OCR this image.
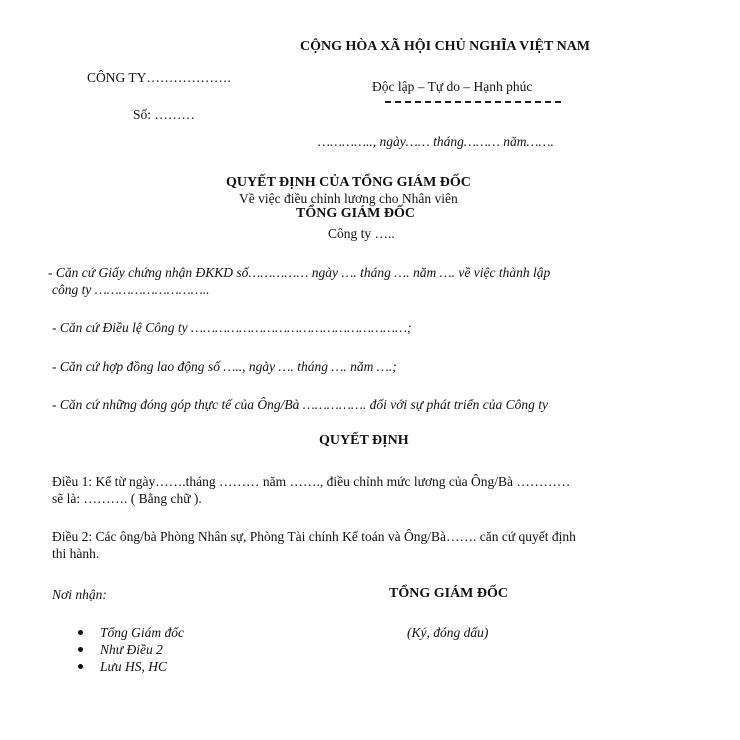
CỘNG HÒA XÃ HỘI CHỦ NGHĨA VIỆT NAM
CÔNG TY……………….
Độc lập – Tự do – Hạnh phúc
Số: ………
………….., ngày…… tháng……… năm…….
QUYẾT ĐỊNH CỦA TỔNG GIÁM ĐỐC
Về việc điều chỉnh lương cho Nhân viên
TỔNG GIÁM ĐỐC
Công ty …..
- Căn cứ Giấy chứng nhận ĐKKD số…………… ngày …. tháng …. năm …. về việc thành lập
công ty ………………………..
- Căn cứ Điều lệ Công ty ………………………………………………;
- Căn cứ hợp đồng lao động số ….., ngày …. tháng …. năm ….;
- Căn cứ những đóng góp thực tế của Ông/Bà ……………. đối với sự phát triển của Công ty
QUYẾT ĐỊNH
Điều 1: Kể từ ngày…….tháng ……… năm ……., điều chỉnh mức lương của Ông/Bà …………
sẽ là: ………. ( Bằng chữ ).
Điều 2: Các ông/bà Phòng Nhân sự, Phòng Tài chính Kế toán và Ông/Bà……. căn cứ quyết định
thi hành.
Nơi nhận:	TỔNG GIÁM ĐỐC
Tổng Giám đốc
Như Điều 2
Lưu HS, HC
(Ký, đóng dấu)
